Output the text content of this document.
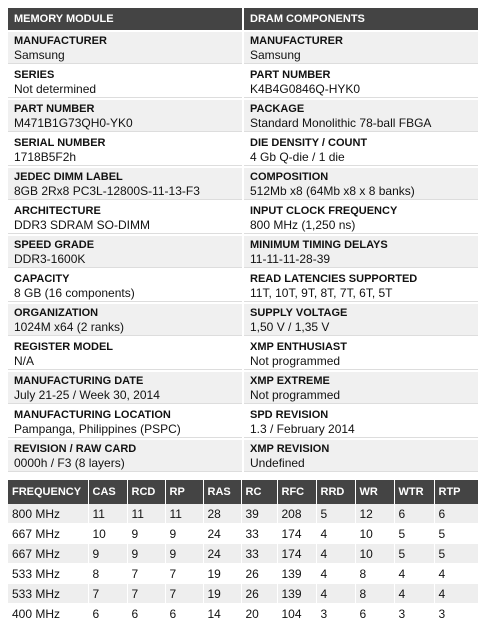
MEMORY MODULE
MANUFACTURER
Samsung
SERIES
Not determined
PART NUMBER
M471B1G73QH0-YK0
SERIAL NUMBER
1718B5F2h
JEDEC DIMM LABEL
8GB 2Rx8 PC3L-12800S-11-13-F3
ARCHITECTURE
DDR3 SDRAM SO-DIMM
SPEED GRADE
DDR3-1600K
CAPACITY
8 GB (16 components)
ORGANIZATION
1024M x64 (2 ranks)
REGISTER MODEL
N/A
MANUFACTURING DATE
July 21-25 / Week 30, 2014
MANUFACTURING LOCATION
Pampanga, Philippines (PSPC)
REVISION / RAW CARD
0000h / F3 (8 layers)
DRAM COMPONENTS
MANUFACTURER
Samsung
PART NUMBER
K4B4G0846Q-HYK0
PACKAGE
Standard Monolithic 78-ball FBGA
DIE DENSITY / COUNT
4 Gb Q-die / 1 die
COMPOSITION
512Mb x8 (64Mb x8 x 8 banks)
INPUT CLOCK FREQUENCY
800 MHz (1,250 ns)
MINIMUM TIMING DELAYS
11-11-11-28-39
READ LATENCIES SUPPORTED
11T, 10T, 9T, 8T, 7T, 6T, 5T
SUPPLY VOLTAGE
1,50 V / 1,35 V
XMP ENTHUSIAST
Not programmed
XMP EXTREME
Not programmed
SPD REVISION
1.3 / February 2014
XMP REVISION
Undefined
FREQUENCY	CAS	RCD	RP	RAS	RC	RFC	RRD	WR	WTR	RTP
800 MHz	11	11	11	28	39	208	5	12	6	6
667 MHz	10	9	9	24	33	174	4	10	5	5
667 MHz	9	9	9	24	33	174	4	10	5	5
533 MHz	8	7	7	19	26	139	4	8	4	4
533 MHz	7	7	7	19	26	139	4	8	4	4
400 MHz	6	6	6	14	20	104	3	6	3	3
